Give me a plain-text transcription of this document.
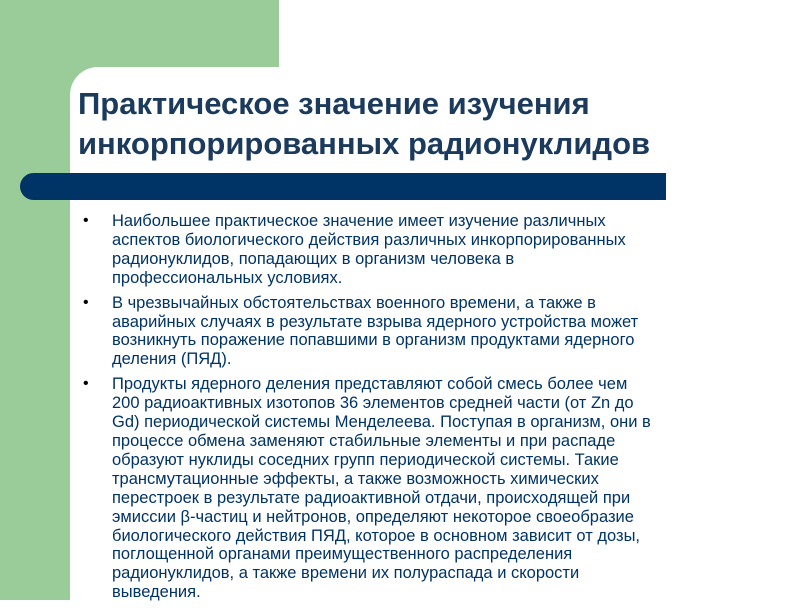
Практическое значение изучения
инкорпорированных радионуклидов
• Наибольшее практическое значение имеет изучение различных
аспектов биологического действия различных инкорпорированных
радионуклидов, попадающих в организм человека в
профессиональных условиях.
• В чрезвычайных обстоятельствах военного времени, а также в
аварийных случаях в результате взрыва ядерного устройства может
возникнуть поражение попавшими в организм продуктами ядерного
деления (ПЯД).
• Продукты ядерного деления представляют собой смесь более чем
200 радиоактивных изотопов 36 элементов средней части (от Zn до
Gd) периодической системы Менделеева. Поступая в организм, они в
процессе обмена заменяют стабильные элементы и при распаде
образуют нуклиды соседних групп периодической системы. Такие
трансмутационные эффекты, а также возможность химических
перестроек в результате радиоактивной отдачи, происходящей при
эмиссии β-частиц и нейтронов, определяют некоторое своеобразие
биологического действия ПЯД, которое в основном зависит от дозы,
поглощенной органами преимущественного распределения
радионуклидов, а также времени их полураспада и скорости
выведения.
